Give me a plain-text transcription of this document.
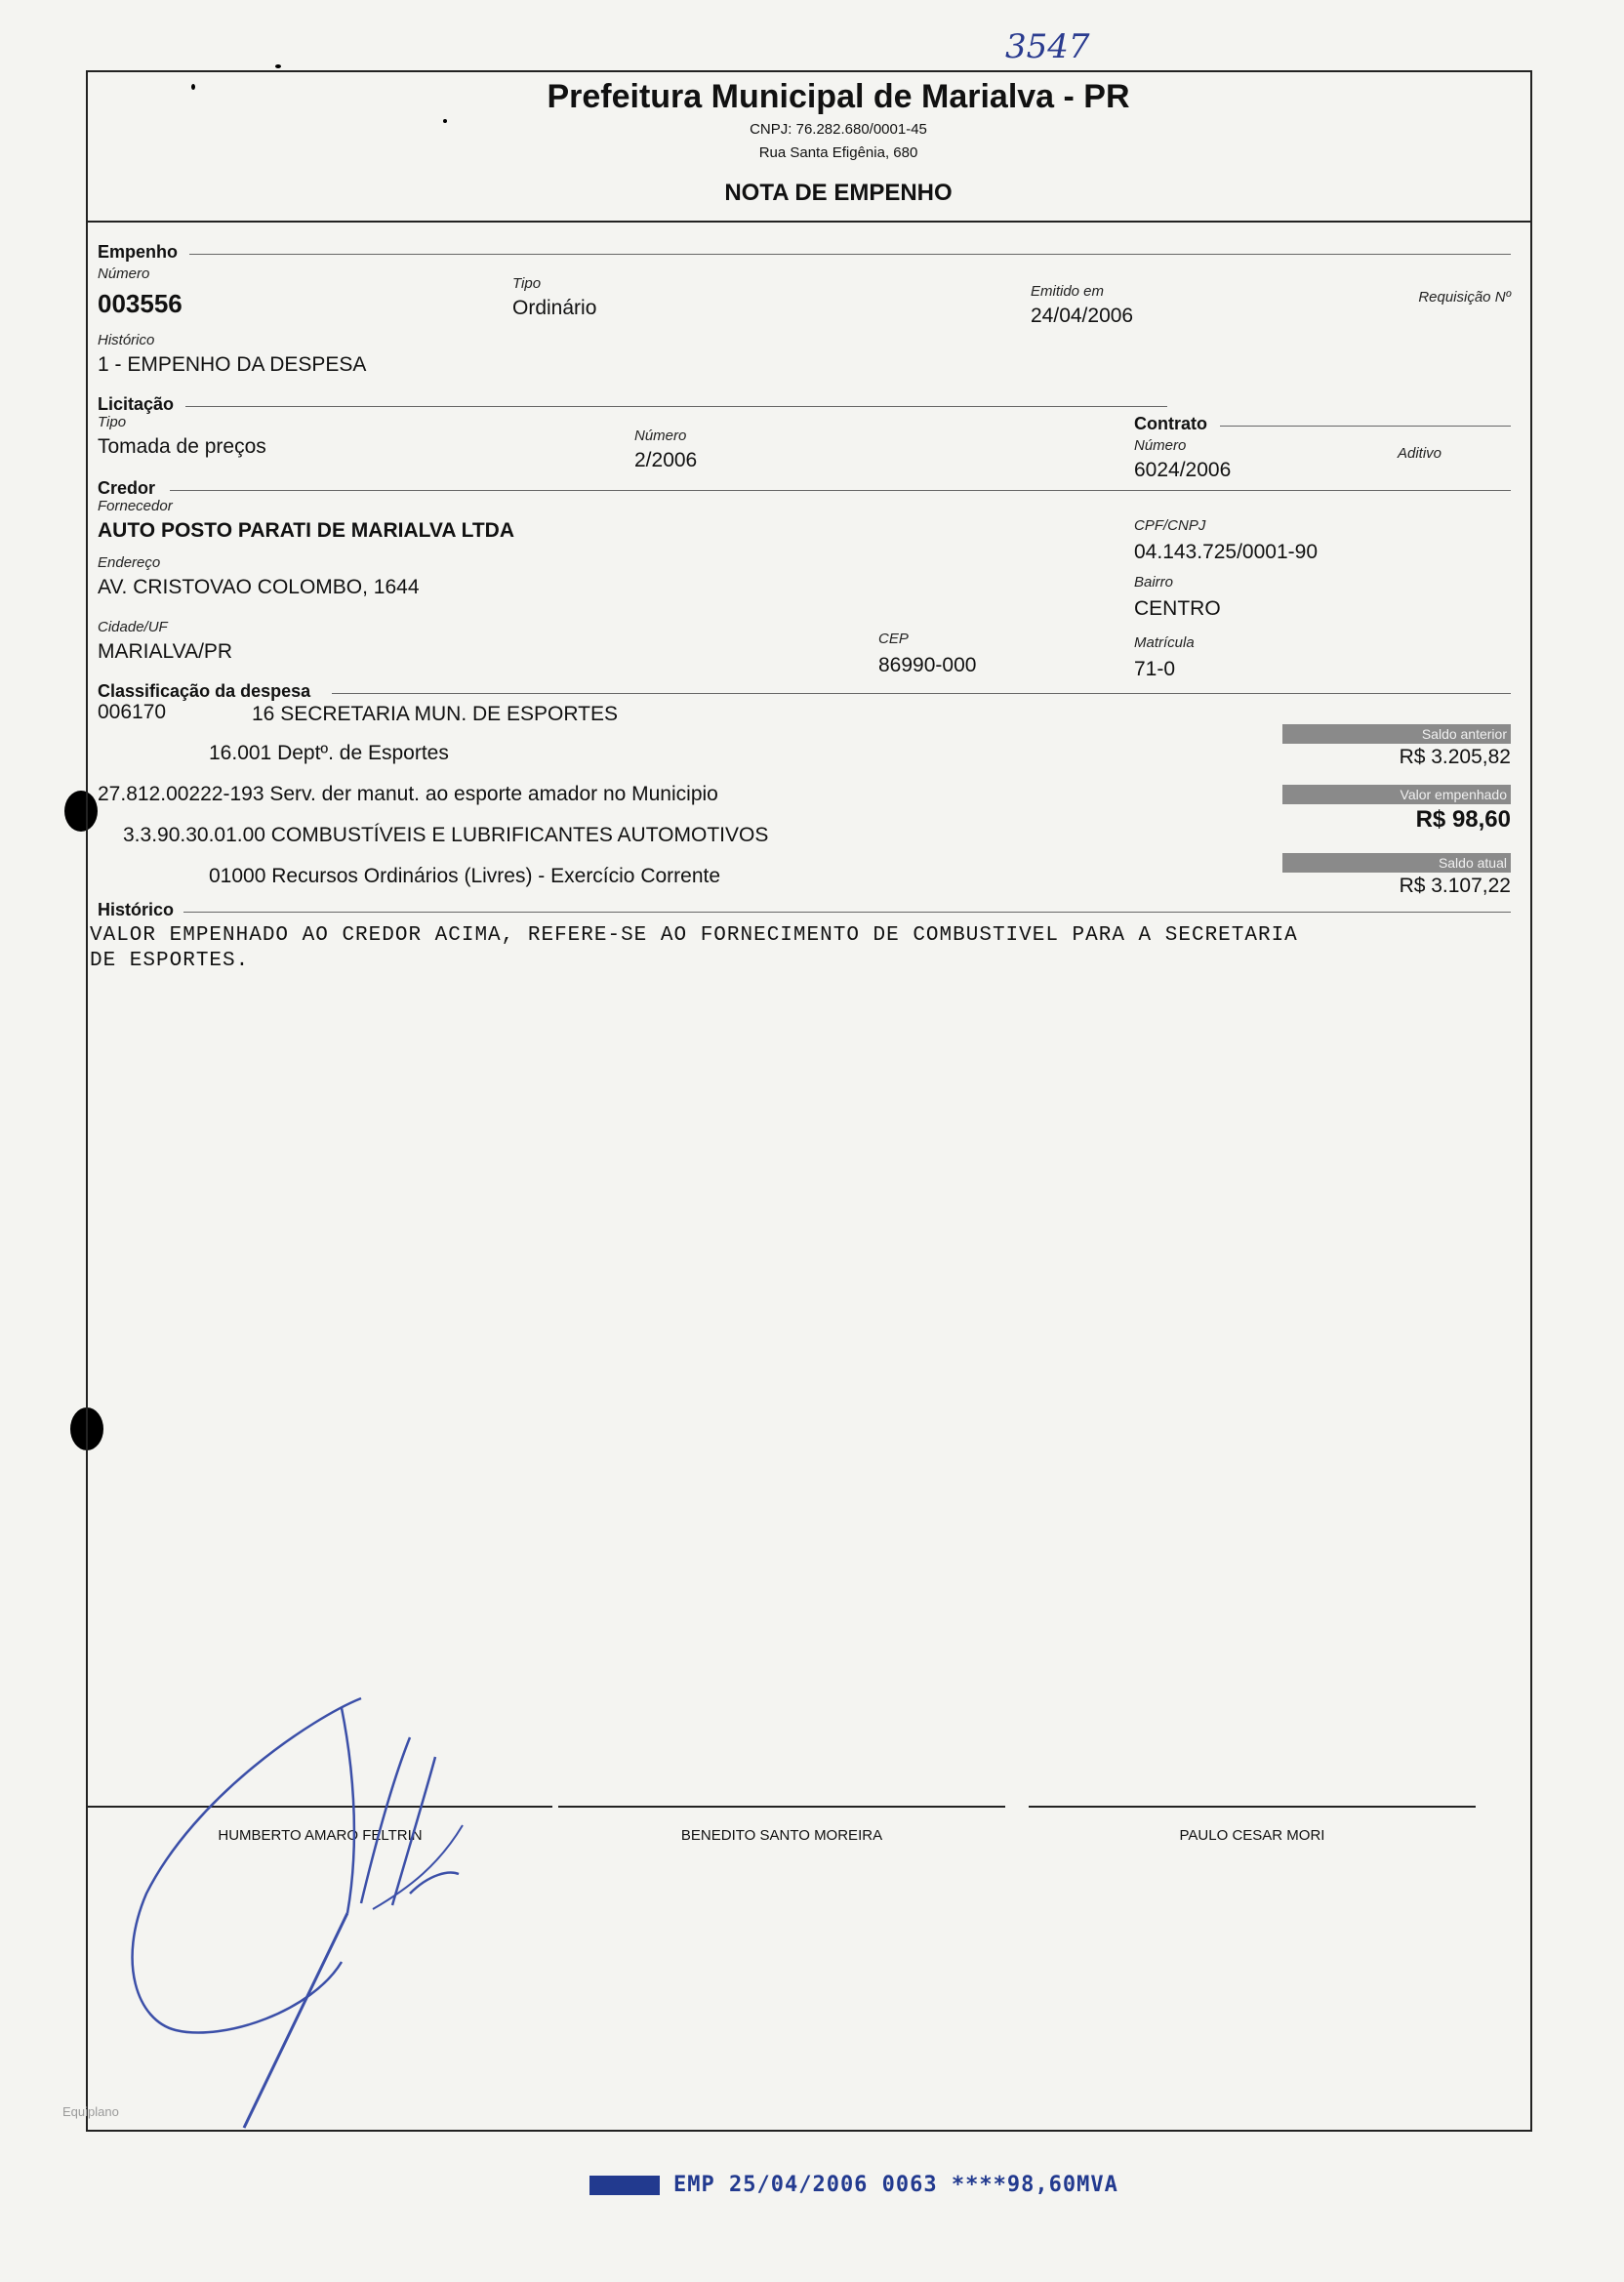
3547
Prefeitura Municipal de Marialva - PR
CNPJ: 76.282.680/0001-45
Rua Santa Efigênia, 680
NOTA DE EMPENHO
Empenho
Número
003556
Tipo
Ordinário
Emitido em
24/04/2006
Requisição Nº
Histórico
1 - EMPENHO DA DESPESA
Licitação
Tipo
Tomada de preços	Número
2/2006
Contrato
Número
6024/2006
Aditivo
Credor
Fornecedor
AUTO POSTO PARATI DE MARIALVA LTDA	CPF/CNPJ
04.143.725/0001-90
Endereço
AV. CRISTOVAO COLOMBO, 1644	Bairro
CENTRO
Cidade/UF
MARIALVA/PR
CEP
86990-000
Matrícula
71-0
Classificação da despesa
006170	16 SECRETARIA MUN. DE ESPORTES
16.001 Deptº. de Esportes
27.812.00222-193 Serv. der manut. ao esporte amador no Municipio
3.3.90.30.01.00 COMBUSTÍVEIS E LUBRIFICANTES AUTOMOTIVOS
01000 Recursos Ordinários (Livres) - Exercício Corrente
Saldo anterior
R$ 3.205,82
Valor empenhado
R$ 98,60
Saldo atual
R$ 3.107,22
Histórico
VALOR EMPENHADO AO CREDOR ACIMA, REFERE-SE AO FORNECIMENTO DE COMBUSTIVEL PARA A SECRETARIA
DE ESPORTES.
HUMBERTO AMARO FELTRIN	BENEDITO SANTO MOREIRA	PAULO CESAR MORI
Equiplano
EMP 25/04/2006 0063 ****98,60MVA
